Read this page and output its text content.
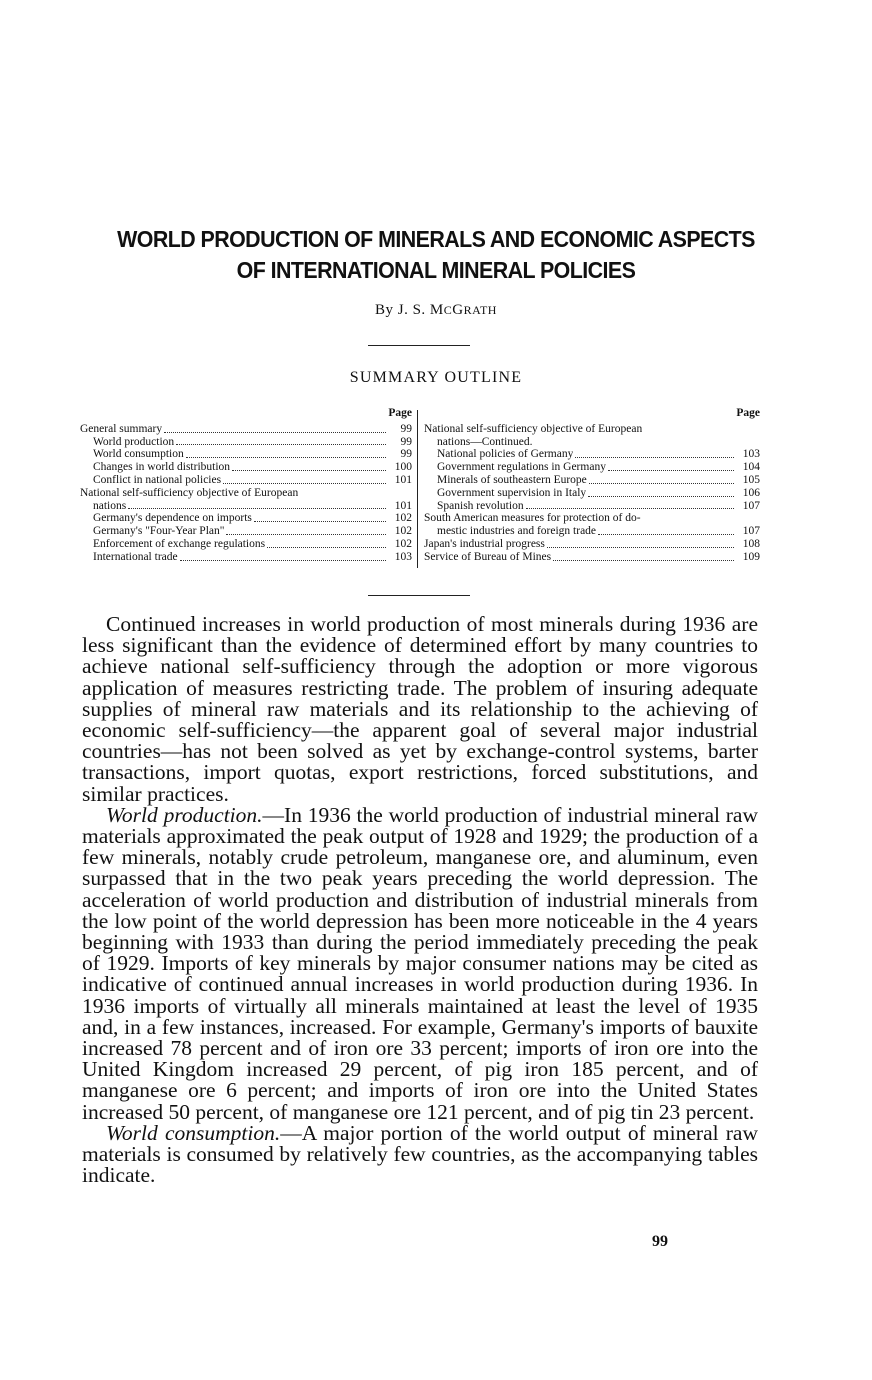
WORLD PRODUCTION OF MINERALS AND ECONOMIC ASPECTS
OF INTERNATIONAL MINERAL POLICIES
By J. S. MCGRATH
SUMMARY OUTLINE
Page
General summary	99
World production	99
World consumption	99
Changes in world distribution	100
Conflict in national policies	101
National self-sufficiency objective of European
nations	101
Germany's dependence on imports	102
Germany's "Four-Year Plan"	102
Enforcement of exchange regulations	102
International trade	103
Page
National self-sufficiency objective of European
nations—Continued.
National policies of Germany	103
Government regulations in Germany	104
Minerals of southeastern Europe	105
Government supervision in Italy	106
Spanish revolution	107
South American measures for protection of do-
mestic industries and foreign trade	107
Japan's industrial progress	108
Service of Bureau of Mines	109

Continued increases in world production of most minerals during 1936 are less significant than the evidence of determined effort by many countries to achieve national self-sufficiency through the adoption or more vigorous application of measures restricting trade. The problem of insuring adequate supplies of mineral raw materials and its relationship to the achieving of economic self-sufficiency—the apparent goal of several major industrial countries—has not been solved as yet by exchange-control systems, barter transactions, import quotas, export restrictions, forced substitutions, and similar practices.

World production.—In 1936 the world production of industrial mineral raw materials approximated the peak output of 1928 and 1929; the production of a few minerals, notably crude petroleum, manganese ore, and aluminum, even surpassed that in the two peak years preceding the world depression. The acceleration of world production and distribution of industrial minerals from the low point of the world depression has been more noticeable in the 4 years beginning with 1933 than during the period immediately preceding the peak of 1929. Imports of key minerals by major consumer nations may be cited as indicative of continued annual increases in world production during 1936. In 1936 imports of virtually all minerals maintained at least the level of 1935 and, in a few instances, increased. For example, Germany's imports of bauxite increased 78 percent and of iron ore 33 percent; imports of iron ore into the United Kingdom increased 29 percent, of pig iron 185 percent, and of manganese ore 6 percent; and imports of iron ore into the United States increased 50 percent, of manganese ore 121 percent, and of pig tin 23 percent.

World consumption.—A major portion of the world output of mineral raw materials is consumed by relatively few countries, as the accompanying tables indicate.

99
